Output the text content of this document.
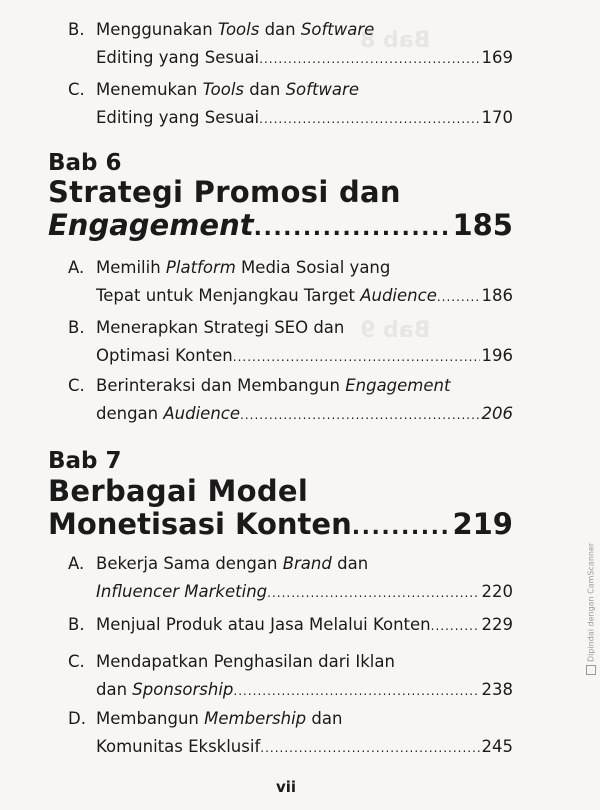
Bab 8
Bab 9
B. Menggunakan Tools dan Software
Editing yang Sesuai .....	169
C. Menemukan Tools dan Software
Editing yang Sesuai .....	170
Bab 6
Strategi Promosi dan
Engagement .....	185
A. Memilih Platform Media Sosial yang
Tepat untuk Menjangkau Target Audience .....	186
B. Menerapkan Strategi SEO dan
Optimasi Konten .....	196
C. Berinteraksi dan Membangun Engagement
dengan Audience .....	206
Bab 7
Berbagai Model
Monetisasi Konten .....	219
A. Bekerja Sama dengan Brand dan
Influencer Marketing .....	220
B. Menjual Produk atau Jasa Melalui Konten .....	229
C. Mendapatkan Penghasilan dari Iklan
dan Sponsorship .....	238
D. Membangun Membership dan
Komunitas Eksklusif .....	245
vii
Dipindai dengan CamScanner
